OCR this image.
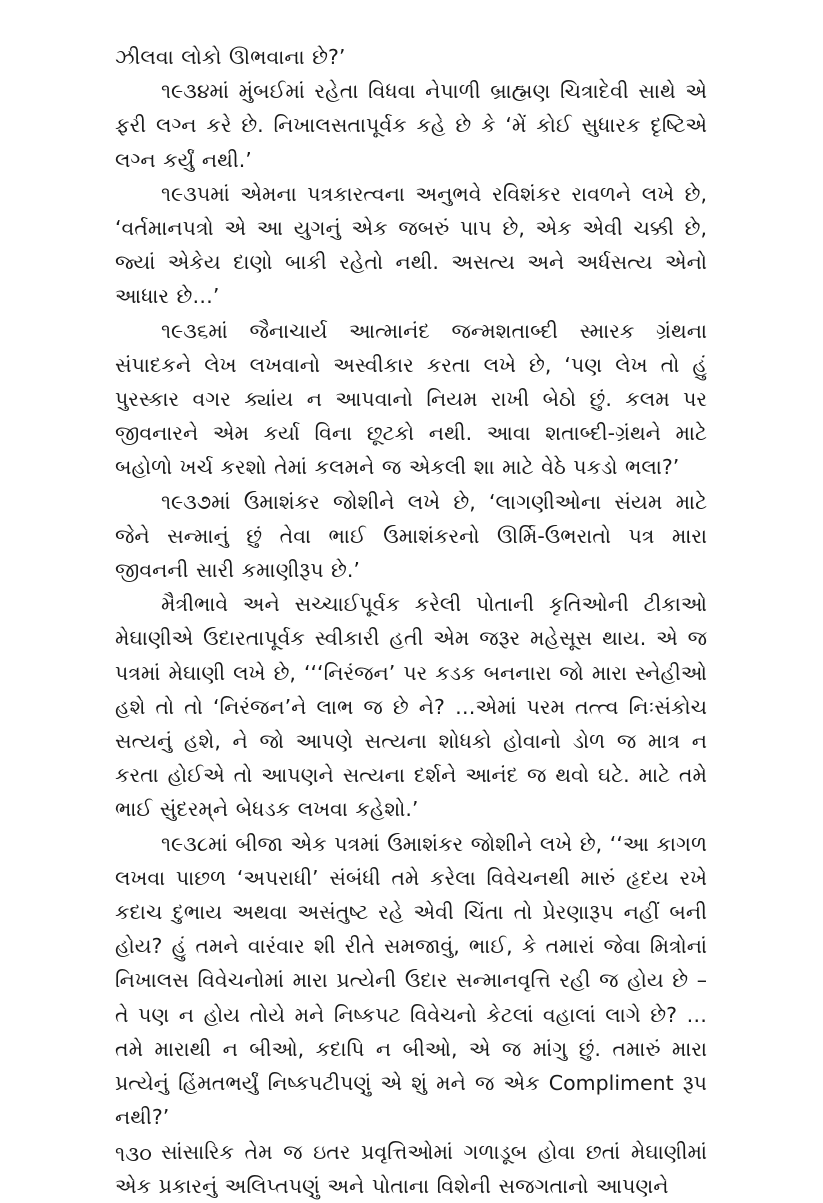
ઝીલવા લોકો ઊભવાના છે?’

૧૯૩૪માં મુંબઈમાં રહેતા વિધવા નેપાળી બ્રાહ્મણ ચિત્રાદેવી સાથે એ ફરી લગ્ન કરે છે. નિખાલસતાપૂર્વક કહે છે કે ‘મેં કોઈ સુધારક દૃષ્ટિએ લગ્ન કર્યું નથી.’

૧૯૩૫માં એમના પત્રકારત્વના અનુભવે રવિશંકર રાવળને લખે છે, ‘વર્તમાનપત્રો એ આ યુગનું એક જબરું પાપ છે, એક એવી ચક્કી છે, જ્યાં એકેય દાણો બાકી રહેતો નથી. અસત્ય અને અર્ધસત્ય એનો આધાર છે…’

૧૯૩૬માં જૈનાચાર્ય આત્માનંદ જન્મશતાબ્દી સ્મારક ગ્રંથના સંપાદકને લેખ લખવાનો અસ્વીકાર કરતા લખે છે, ‘પણ લેખ તો હું પુરસ્કાર વગર ક્યાંય ન આપવાનો નિયમ રાખી બેઠો છું. કલમ પર જીવનારને એમ કર્યા વિના છૂટકો નથી. આવા શતાબ્દી-ગ્રંથને માટે બહોળો ખર્ચ કરશો તેમાં કલમને જ એકલી શા માટે વેઠે પકડો ભલા?’

૧૯૩૭માં ઉમાશંકર જોશીને લખે છે, ‘લાગણીઓના સંયમ માટે જેને સન્માનું છું તેવા ભાઈ ઉમાશંકરનો ઊર્મિ-ઉભરાતો પત્ર મારા જીવનની સારી કમાણીરૂપ છે.’

મૈત્રીભાવે અને સચ્ચાઈપૂર્વક કરેલી પોતાની કૃતિઓની ટીકાઓ મેઘાણીએ ઉદારતાપૂર્વક સ્વીકારી હતી એમ જરૂર મહેસૂસ થાય. એ જ પત્રમાં મેઘાણી લખે છે, ‘‘‘નિરંજન’ પર કડક બનનારા જો મારા સ્નેહીઓ હશે તો તો ‘નિરંજન’ને લાભ જ છે ને? …એમાં પરમ તત્ત્વ નિઃસંકોચ સત્યનું હશે, ને જો આપણે સત્યના શોધકો હોવાનો ડોળ જ માત્ર ન કરતા હોઈએ તો આપણને સત્યના દર્શને આનંદ જ થવો ઘટે. માટે તમે ભાઈ સુંદરમ્‌ને બેધડક લખવા કહેશો.’

૧૯૩૮માં બીજા એક પત્રમાં ઉમાશંકર જોશીને લખે છે, ‘‘આ કાગળ લખવા પાછળ ‘અપરાધી’ સંબંધી તમે કરેલા વિવેચનથી મારું હૃદય રખે કદાચ દુભાય અથવા અસંતુષ્ટ રહે એવી ચિંતા તો પ્રેરણારૂપ નહીં બની હોય? હું તમને વારંવાર શી રીતે સમજાવું, ભાઈ, કે તમારાં જેવા મિત્રોનાં નિખાલસ વિવેચનોમાં મારા પ્રત્યેની ઉદાર સન્માનવૃત્તિ રહી જ હોય છે – તે પણ ન હોય તોયે મને નિષ્કપટ વિવેચનો કેટલાં વહાલાં લાગે છે? …તમે મારાથી ન બીઓ, કદાપિ ન બીઓ, એ જ માંગુ છું. તમારું મારા પ્રત્યેનું હિંમતભર્યું નિષ્કપટીપણું એ શું મને જ એક Compliment રૂપ નથી?’

સાંસારિક તેમ જ ઇતર પ્રવૃત્તિઓમાં ગળાડૂબ હોવા છતાં મેઘાણીમાં એક પ્રકારનું અલિપ્તપણું અને પોતાના વિશેની સજગતાનો આપણને

૧૩૦
